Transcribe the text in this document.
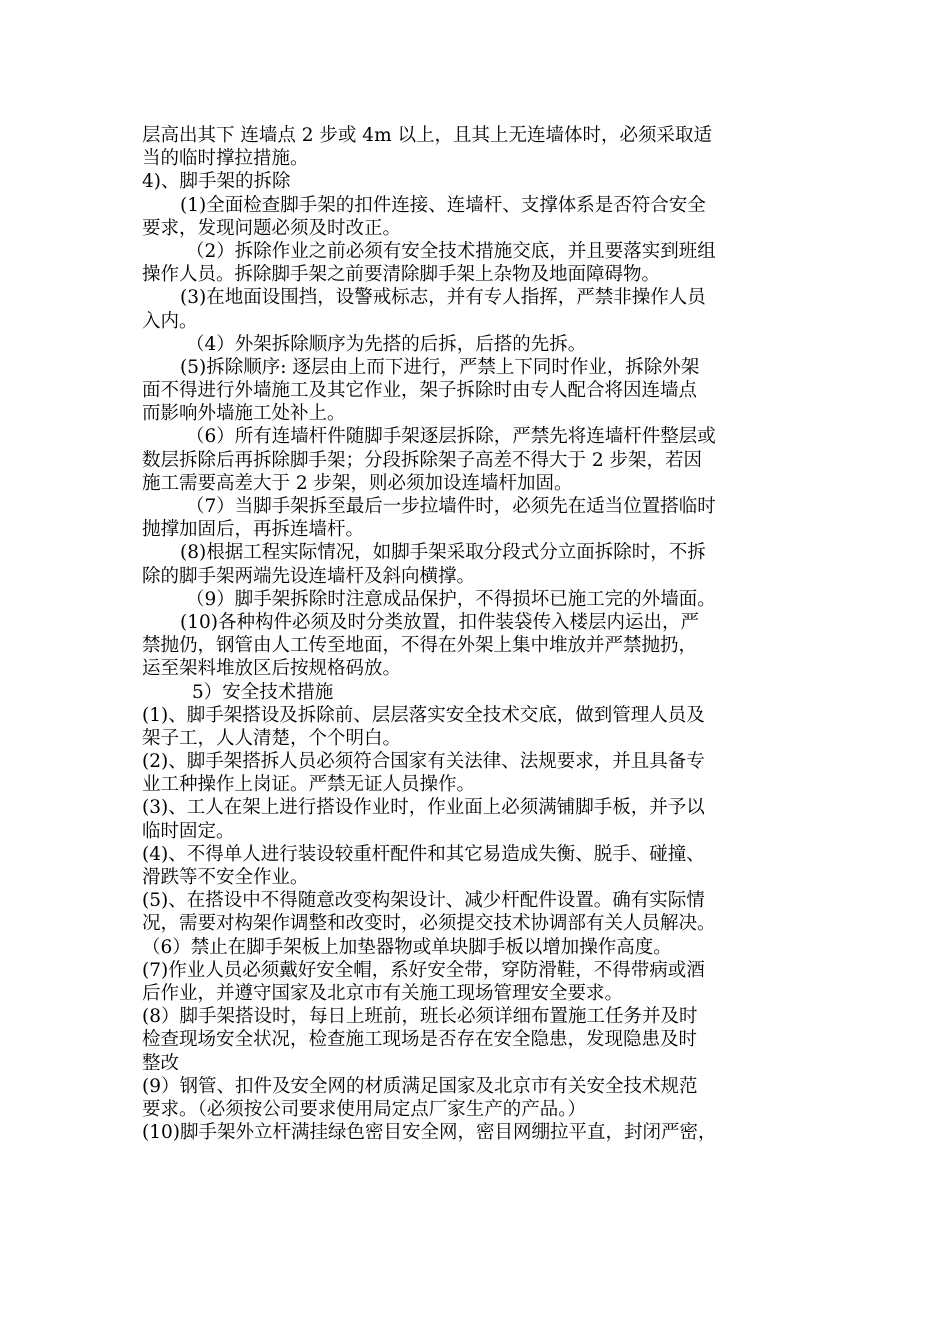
层高出其下 连墙点 2 步或 4m 以上，且其上无连墙体时，必须采取适
当的临时撑拉措施。
4)、脚手架的拆除
(1)全面检查脚手架的扣件连接、连墙杆、支撑体系是否符合安全
要求，发现问题必须及时改正。
（2）拆除作业之前必须有安全技术措施交底，并且要落实到班组
操作人员。拆除脚手架之前要清除脚手架上杂物及地面障碍物。
(3)在地面设围挡，设警戒标志，并有专人指挥，严禁非操作人员
入内。
（4）外架拆除顺序为先搭的后拆，后搭的先拆。
(5)拆除顺序: 逐层由上而下进行，严禁上下同时作业，拆除外架
面不得进行外墙施工及其它作业，架子拆除时由专人配合将因连墙点
而影响外墙施工处补上。
（6）所有连墙杆件随脚手架逐层拆除，严禁先将连墙杆件整层或
数层拆除后再拆除脚手架；分段拆除架子高差不得大于 2 步架，若因
施工需要高差大于 2 步架，则必须加设连墙杆加固。
（7）当脚手架拆至最后一步拉墙件时，必须先在适当位置搭临时
抛撑加固后，再拆连墙杆。
(8)根据工程实际情况，如脚手架采取分段式分立面拆除时，不拆
除的脚手架两端先设连墙杆及斜向横撑。
（9）脚手架拆除时注意成品保护，不得损坏已施工完的外墙面。
(10)各种构件必须及时分类放置，扣件装袋传入楼层内运出，严
禁抛仍，钢管由人工传至地面，不得在外架上集中堆放并严禁抛扔，
运至架料堆放区后按规格码放。
5）安全技术措施
(1)、脚手架搭设及拆除前、层层落实安全技术交底，做到管理人员及
架子工，人人清楚，个个明白。
(2)、脚手架搭拆人员必须符合国家有关法律、法规要求，并且具备专
业工种操作上岗证。严禁无证人员操作。
(3)、工人在架上进行搭设作业时，作业面上必须满铺脚手板，并予以
临时固定。
(4)、不得单人进行装设较重杆配件和其它易造成失衡、脱手、碰撞、
滑跌等不安全作业。
(5)、在搭设中不得随意改变构架设计、减少杆配件设置。确有实际情
况，需要对构架作调整和改变时，必须提交技术协调部有关人员解决。
（6）禁止在脚手架板上加垫器物或单块脚手板以增加操作高度。
(7)作业人员必须戴好安全帽，系好安全带，穿防滑鞋，不得带病或酒
后作业，并遵守国家及北京市有关施工现场管理安全要求。
(8）脚手架搭设时，每日上班前，班长必须详细布置施工任务并及时
检查现场安全状况，检查施工现场是否存在安全隐患，发现隐患及时
整改
(9）钢管、扣件及安全网的材质满足国家及北京市有关安全技术规范
要求。（必须按公司要求使用局定点厂家生产的产品。）
(10)脚手架外立杆满挂绿色密目安全网，密目网绷拉平直，封闭严密，
